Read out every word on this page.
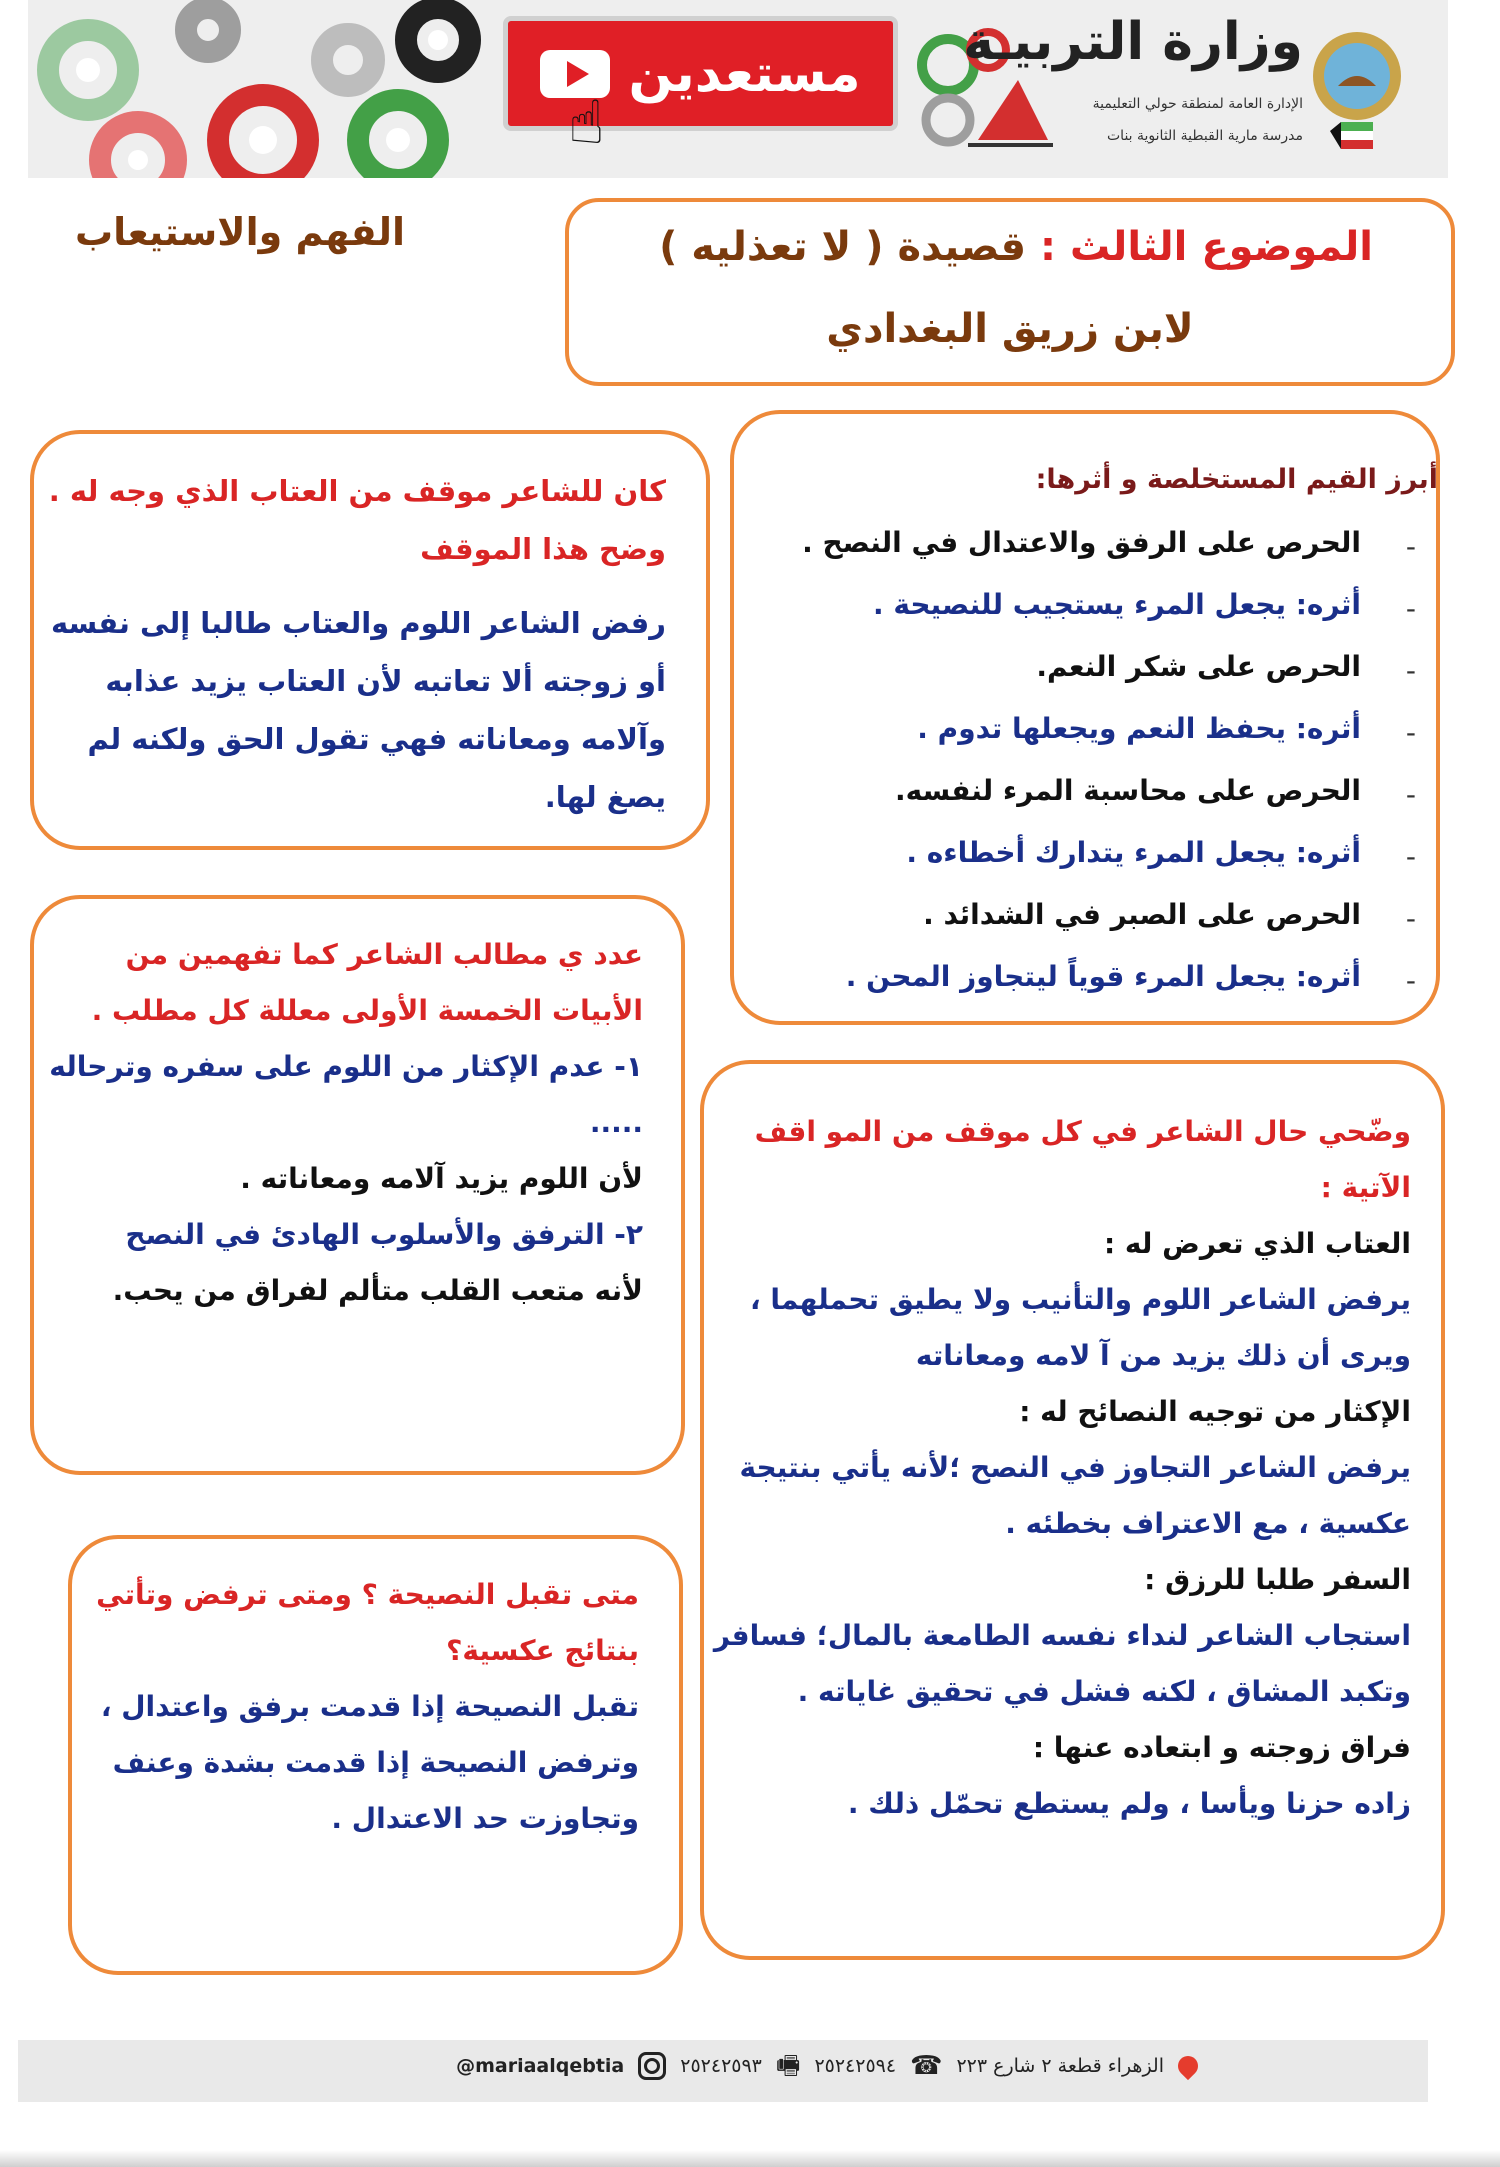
مستعدين
☝
وزارة التربيـة
الإدارة العامة لمنطقة حولي التعليمية
مدرسة مارية القبطية الثانوية بنات
الموضوع الثالث : قصيدة ( لا تعذليه )
لابن زريق البغدادي
الفهم والاستيعاب
أبرز القيم المستخلصة و أثرها:
-
الحرص على الرفق والاعتدال في النصح .
-
أثره: يجعل المرء يستجيب للنصيحة .
-
الحرص على شكر النعم.
-
أثره: يحفظ النعم ويجعلها تدوم .
-
الحرص على محاسبة المرء لنفسه.
-
أثره: يجعل المرء يتدارك أخطاءه .
-
الحرص على الصبر في الشدائد .
-
أثره: يجعل المرء قوياً ليتجاوز المحن .
كان للشاعر موقف من العتاب الذي وجه له . وضح هذا الموقف
رفض الشاعر اللوم والعتاب طالبا إلى نفسه أو زوجته ألا تعاتبه لأن العتاب يزيد عذابه وآلامه ومعاناته فهي تقول الحق ولكنه لم يصغ لها.
عدد ي مطالب الشاعر كما تفهمين من الأبيات الخمسة الأولى معللة كل مطلب .
١- عدم الإكثار من اللوم على سفره وترحاله .....
لأن اللوم يزيد آلامه ومعاناته .
٢- الترفق والأسلوب الهادئ في النصح
لأنه متعب القلب متألم لفراق من يحب.
وضّحي حال الشاعر في كل موقف من المو اقف الآتية :
العتاب الذي تعرض له :
يرفض الشاعر اللوم والتأنيب ولا يطيق تحملهما ، ويرى أن ذلك يزيد من آ لامه ومعاناته
الإكثار من توجيه النصائح له :
يرفض الشاعر التجاوز في النصح ؛لأنه يأتي بنتيجة عكسية ، مع الاعتراف بخطئه .
السفر طلبا للرزق :
استجاب الشاعر لنداء نفسه الطامعة بالمال؛ فسافر وتكبد المشاق ، لكنه فشل في تحقيق غاياته .
فراق زوجته و ابتعاده عنها :
زاده حزنا ويأسا ، ولم يستطع تحمّل ذلك .
متى تقبل النصيحة ؟ ومتى ترفض وتأتي بنتائج عكسية؟
تقبل النصيحة إذا قدمت برفق واعتدال ، وترفض النصيحة إذا قدمت بشدة وعنف وتجاوزت حد الاعتدال .
الزهراء قطعة ٢ شارع ٢٢٣
☎
٢٥٢٤٢٥٩٤
🖷
٢٥٢٤٢٥٩٣
@mariaalqebtia
